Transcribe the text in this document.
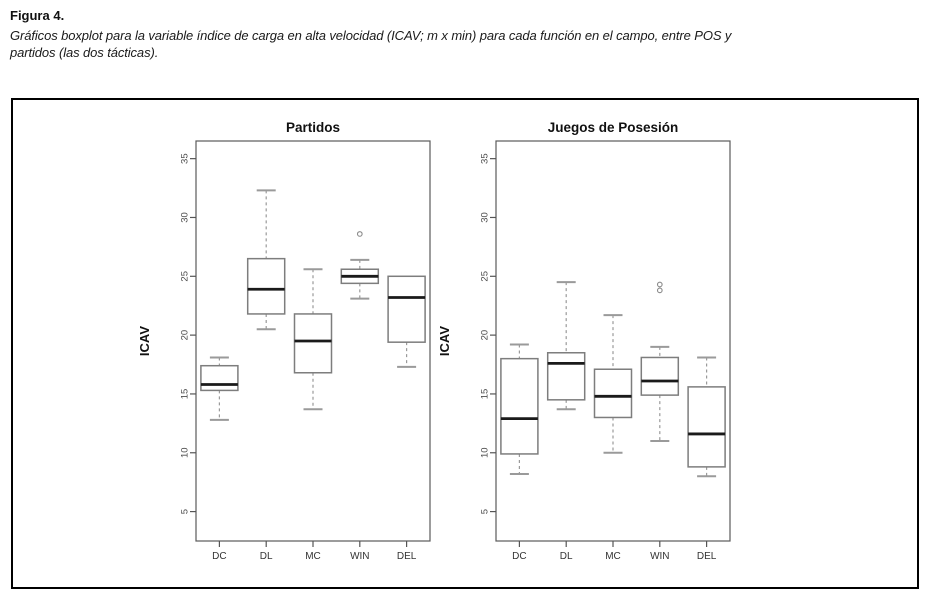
Figura 4.
Gráficos boxplot para la variable índice de carga en alta velocidad (ICAV; m x min) para cada función en el campo, entre POS y
partidos (las dos tácticas).
Partidos
ICAV
5
10
15
20
25
30
35
DC	DL	MC	WIN	DEL
Juegos de Posesión
ICAV
5
10
15
20
25
30
35
DC	DL	MC	WIN	DEL
